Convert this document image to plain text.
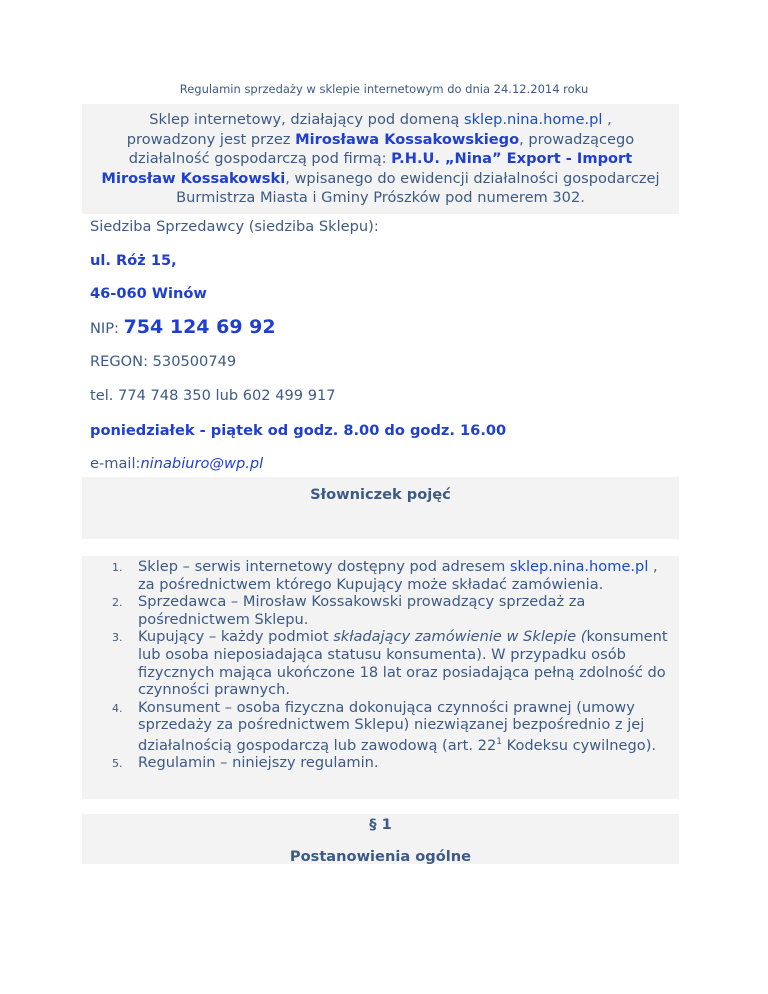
Regulamin sprzedaży w sklepie internetowym do dnia 24.12.2014 roku

Sklep internetowy, działający pod domeną sklep.nina.home.pl ,
prowadzony jest przez Mirosława Kossakowskiego, prowadzącego działalność gospodarczą pod firmą: P.H.U. „Nina” Export - Import Mirosław Kossakowski, wpisanego do ewidencji działalności gospodarczej Burmistrza Miasta i Gminy Prószków pod numerem 302.

Siedziba Sprzedawcy (siedziba Sklepu):
ul. Róż 15,
46-060 Winów
NIP: 754 124 69 92
REGON: 530500749
tel. 774 748 350 lub 602 499 917
poniedziałek - piątek od godz. 8.00 do godz. 16.00
e-mail:ninabiuro@wp.pl
Słowniczek pojęć
Sklep – serwis internetowy dostępny pod adresem sklep.nina.home.pl , za pośrednictwem którego Kupujący może składać zamówienia.
Sprzedawca – Mirosław Kossakowski prowadzący sprzedaż za pośrednictwem Sklepu.
Kupujący – każdy podmiot składający zamówienie w Sklepie (konsument lub osoba nieposiadająca statusu konsumenta). W przypadku osób fizycznych mająca ukończone 18 lat oraz posiadająca pełną zdolność do czynności prawnych.
Konsument – osoba fizyczna dokonująca czynności prawnej (umowy sprzedaży za pośrednictwem Sklepu) niezwiązanej bezpośrednio z jej działalnością gospodarczą lub zawodową (art. $22^1$ Kodeksu cywilnego).
Regulamin – niniejszy regulamin.
§ 1
Postanowienia ogólne
